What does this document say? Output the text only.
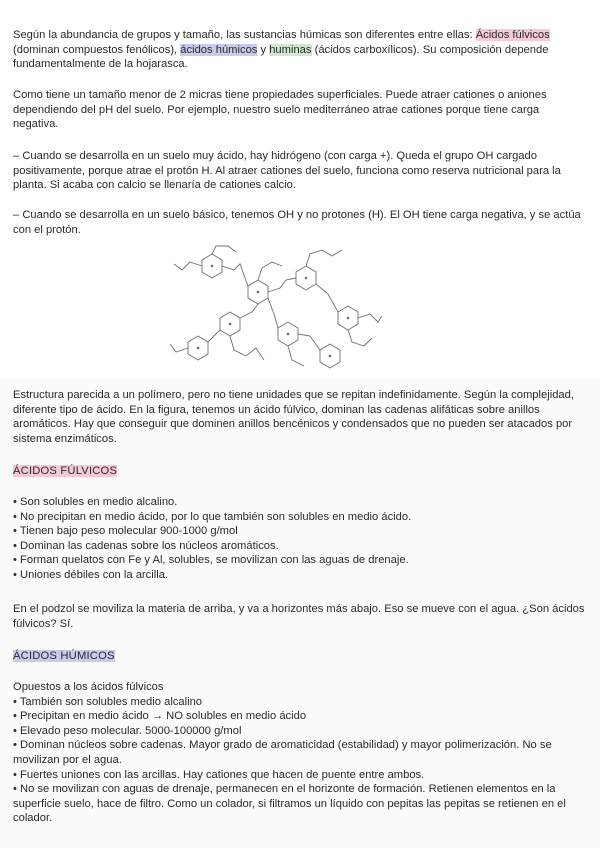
Según la abundancia de grupos y tamaño, las sustancias húmicas son diferentes entre ellas: Ácidos fúlvicos (dominan compuestos fenólicos), ácidos húmicos y huminas (ácidos carboxílicos). Su composición depende fundamentalmente de la hojarasca.

Como tiene un tamaño menor de 2 micras tiene propiedades superficiales. Puede atraer cationes o aniones dependiendo del pH del suelo. Por ejemplo, nuestro suelo mediterráneo atrae cationes porque tiene carga negativa.

– Cuando se desarrolla en un suelo muy ácido, hay hidrógeno (con carga +). Queda el grupo OH cargado positivamente, porque atrae el protón H. Al atraer cationes del suelo, funciona como reserva nutricional para la planta. Si acaba con calcio se llenaría de cationes calcio.

– Cuando se desarrolla en un suelo básico, tenemos OH y no protones (H). El OH tiene carga negativa, y se actúa con el protón.

Estructura parecida a un polímero, pero no tiene unidades que se repitan indefinidamente. Según la complejidad, diferente tipo de ácido. En la figura, tenemos un ácido fúlvico, dominan las cadenas alifáticas sobre anillos aromáticos. Hay que conseguir que dominen anillos bencénicos y condensados que no pueden ser atacados por sistema enzimáticos.

ÁCIDOS FÚLVICOS

• Son solubles en medio alcalino.
• No precipitan en medio ácido, por lo que también son solubles en medio ácido.
• Tienen bajo peso molecular 900-1000 g/mol
• Dominan las cadenas sobre los núcleos aromáticos.
• Forman quelatos con Fe y Al, solubles, se movilizan con las aguas de drenaje.
• Uniones débiles con la arcilla.

En el podzol se moviliza la materia de arriba, y va a horizontes más abajo. Eso se mueve con el agua. ¿Son ácidos fúlvicos? Sí.

ÁCIDOS HÚMICOS

Opuestos a los ácidos fúlvicos
• También son solubles medio alcalino
• Precipitan en medio ácido → NO solubles en medio ácido
• Elevado peso molecular. 5000-100000 g/mol
• Dominan núcleos sobre cadenas. Mayor grado de aromaticidad (estabilidad) y mayor polimerización. No se movilizan por el agua.
• Fuertes uniones con las arcillas. Hay cationes que hacen de puente entre ambos.
• No se movilizan con aguas de drenaje, permanecen en el horizonte de formación. Retienen elementos en la superficie suelo, hace de filtro. Como un colador, si filtramos un líquido con pepitas las pepitas se retienen en el colador.
